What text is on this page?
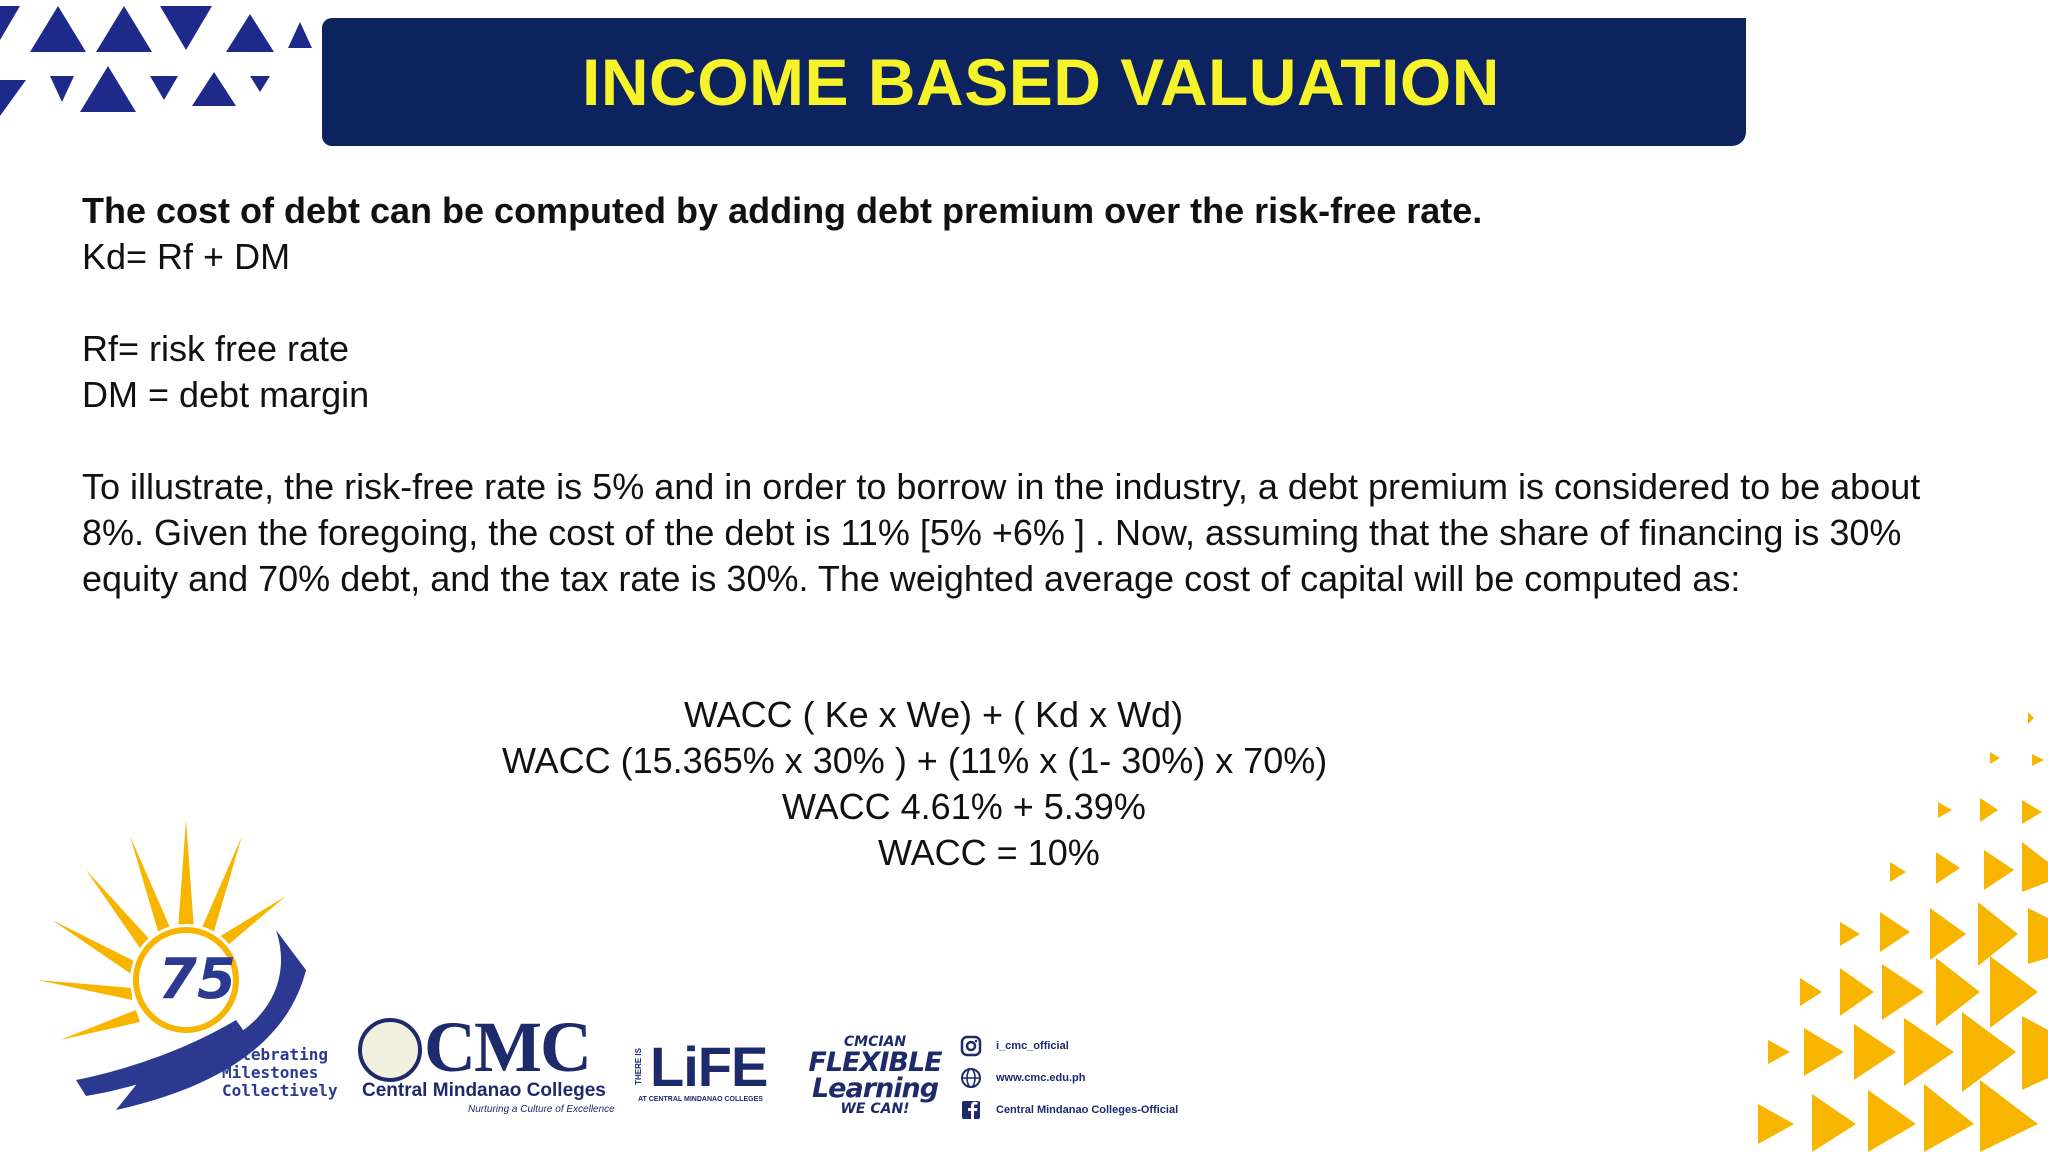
INCOME BASED VALUATION
The cost of debt can be computed by adding debt premium over the risk-free rate.
Kd= Rf + DM
Rf= risk free rate
DM = debt margin
To illustrate, the risk-free rate is 5% and in order to borrow in the industry, a debt premium is considered to be about 8%. Given the foregoing, the cost of the debt is 11% [5% +6% ] . Now, assuming that the share of financing is 30% equity and 70% debt, and the tax rate is 30%. The weighted average cost of capital will be computed as:
WACC ( Ke x We) + ( Kd x Wd)
WACC (15.365% x 30% ) + (11% x (1- 30%) x 70%)
WACC 4.61% + 5.39%
WACC = 10%
75
Celebrating
Milestones
Collectively
CMC
Central Mindanao Colleges
Nurturing a Culture of Excellence
THERE IS LiFE
AT CENTRAL MINDANAO COLLEGES
CMCIAN
FLEXIBLE
Learning
WE CAN!
i_cmc_official
www.cmc.edu.ph
Central Mindanao Colleges-Official
